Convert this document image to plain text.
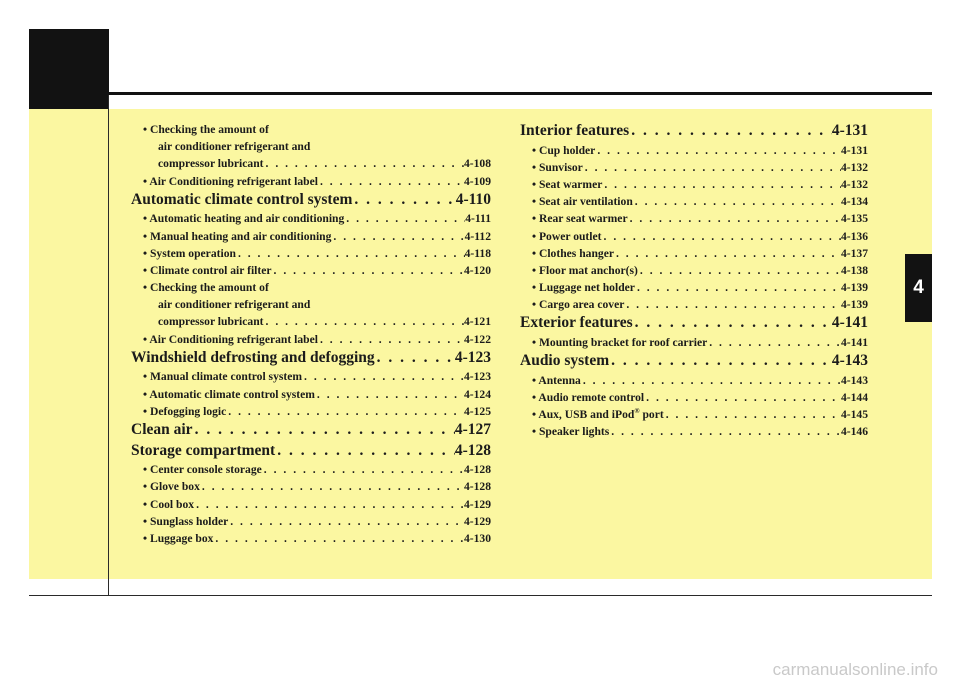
4
• Checking the amount of
air conditioner refrigerant and
compressor lubricant . . .	4-108
• Air Conditioning refrigerant label . . .	4-109
Automatic climate control system . . .	4-110
• Automatic heating and air conditioning . . .	4-111
• Manual heating and air conditioning . . .	4-112
• System operation . . .	4-118
• Climate control air filter . . .	4-120
• Checking the amount of
air conditioner refrigerant and
compressor lubricant . . .	4-121
• Air Conditioning refrigerant label . . .	4-122
Windshield defrosting and defogging . . .	4-123
• Manual climate control system . . .	4-123
• Automatic climate control system . . .	4-124
• Defogging logic . . .	4-125
Clean air . . .	4-127
Storage compartment . . .	4-128
• Center console storage . . .	4-128
• Glove box . . .	4-128
• Cool box . . .	4-129
• Sunglass holder . . .	4-129
• Luggage box . . .	4-130
Interior features . . .	4-131
• Cup holder . . .	4-131
• Sunvisor . . .	4-132
• Seat warmer . . .	4-132
• Seat air ventilation . . .	4-134
• Rear seat warmer . . .	4-135
• Power outlet . . .	4-136
• Clothes hanger . . .	4-137
• Floor mat anchor(s) . . .	4-138
• Luggage net holder . . .	4-139
• Cargo area cover . . .	4-139
Exterior features . . .	4-141
• Mounting bracket for roof carrier . . .	4-141
Audio system . . .	4-143
• Antenna . . .	4-143
• Audio remote control . . .	4-144
• Aux, USB and iPod® port . . .	4-145
• Speaker lights . . .	4-146
carmanualsonline.info
